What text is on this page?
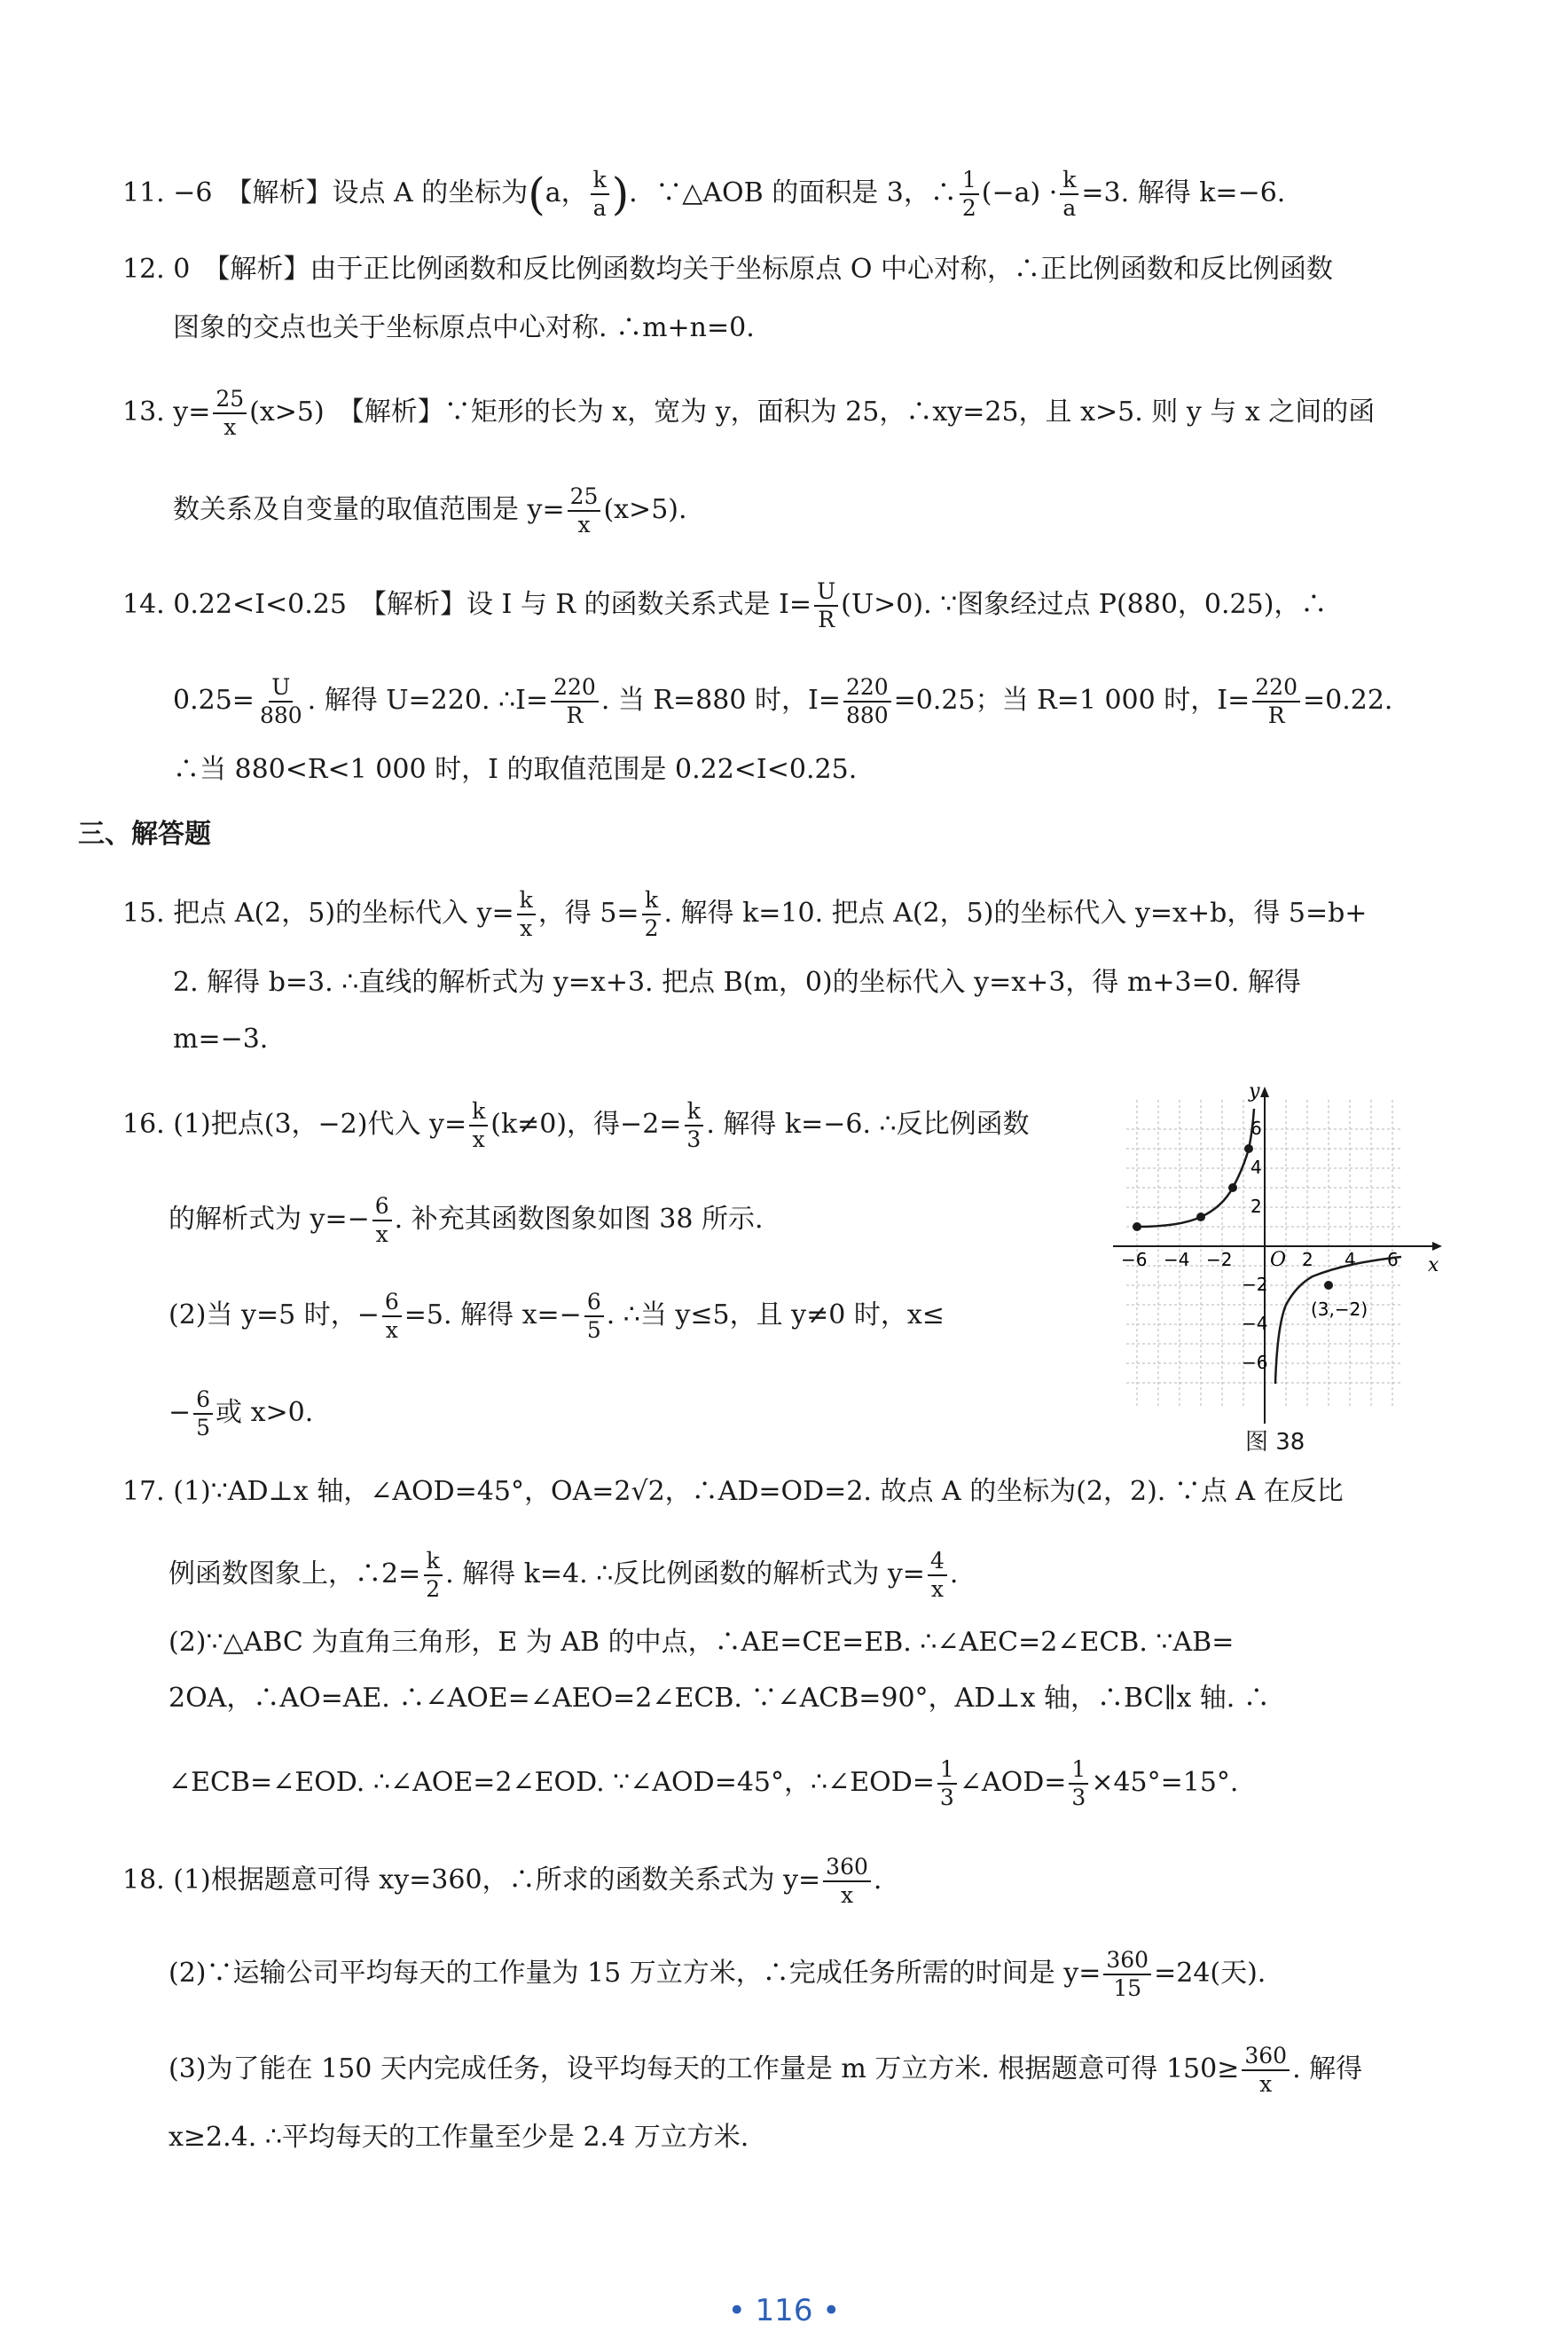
11. −6　【解析】设点 A 的坐标为(a， $\frac{k}{a}$ )．∵△AOB 的面积是 3，∴ $\frac{1}{2} (-a) \cdot \frac{k}{a} =3$. 解得 k=−6.
12. 0　【解析】由于正比例函数和反比例函数均关于坐标原点 O 中心对称，∴正比例函数和反比例函数
图象的交点也关于坐标原点中心对称. ∴m+n=0.
13. $y= \frac{25}{x} (x>5)$　【解析】∵矩形的长为 x，宽为 y，面积为 25，∴xy=25，且 x>5. 则 y 与 x 之间的函
数关系及自变量的取值范围是 $y= \frac{25}{x} (x>5)$.
14. 0.22<I<0.25　【解析】设 I 与 R 的函数关系式是 $I= \frac{U}{R} (U>0)$. ∵图象经过点 P(880，0.25)，∴
$0.25= \frac{U}{880}$ . 解得 U=220. ∴I= $\frac{220}{R}$ . 当 R=880 时，$I= \frac{220}{880} =0.25$；当 R=1 000 时，$I= \frac{220}{R} =0.22$.
∴当 880<R<1 000 时，I 的取值范围是 0.22<I<0.25.
三、解答题
15. 把点 A(2，5)的坐标代入 $y= \frac{k}{x}$ ，得 $5= \frac{k}{2}$ . 解得 k=10. 把点 A(2，5)的坐标代入 y=x+b，得 5=b+
2. 解得 b=3. ∴直线的解析式为 y=x+3. 把点 B(m，0)的坐标代入 y=x+3，得 m+3=0. 解得
m=−3.
16. (1)把点(3，−2)代入 $y= \frac{k}{x} (k\ne 0)$，得$-2= \frac{k}{3}$ . 解得 k=−6. ∴反比例函数
的解析式为 $y=- \frac{6}{x}$ . 补充其函数图象如图 38 所示.
(2)当 y=5 时，− $\frac{6}{x} =5$. 解得 $x=- \frac{6}{5}$ . ∴当 y≤5，且 y≠0 时，x≤
− $\frac{6}{5}$ 或 x>0.
y
x
O
−6 −4 −2	2 4 6
6
4
2
−2
−4
−6
(3,−2)
图 38
17. (1)∵AD⊥x 轴，∠AOD=45°，OA=2√2，∴AD=OD=2. 故点 A 的坐标为(2，2). ∵点 A 在反比
例函数图象上，∴2= $\frac{k}{2}$ . 解得 k=4. ∴反比例函数的解析式为 $y= \frac{4}{x}$ .
(2)∵△ABC 为直角三角形，E 为 AB 的中点，∴AE=CE=EB. ∴∠AEC=2∠ECB. ∵AB=
2OA，∴AO=AE. ∴∠AOE=∠AEO=2∠ECB. ∵∠ACB=90°，AD⊥x 轴，∴BC∥x 轴. ∴
∠ECB=∠EOD. ∴∠AOE=2∠EOD. ∵∠AOD=45°，∴∠EOD= $\frac{1}{3}$ ∠AOD= $\frac{1}{3} \times 45^\circ=15^\circ$.
18. (1)根据题意可得 xy=360，∴所求的函数关系式为 $y= \frac{360}{x}$ .
(2)∵运输公司平均每天的工作量为 15 万立方米，∴完成任务所需的时间是 $y= \frac{360}{15} =24$(天).
(3)为了能在 150 天内完成任务，设平均每天的工作量是 m 万立方米. 根据题意可得 $150\ge \frac{360}{x}$ . 解得
x≥2.4. ∴平均每天的工作量至少是 2.4 万立方米.
• 116 •
